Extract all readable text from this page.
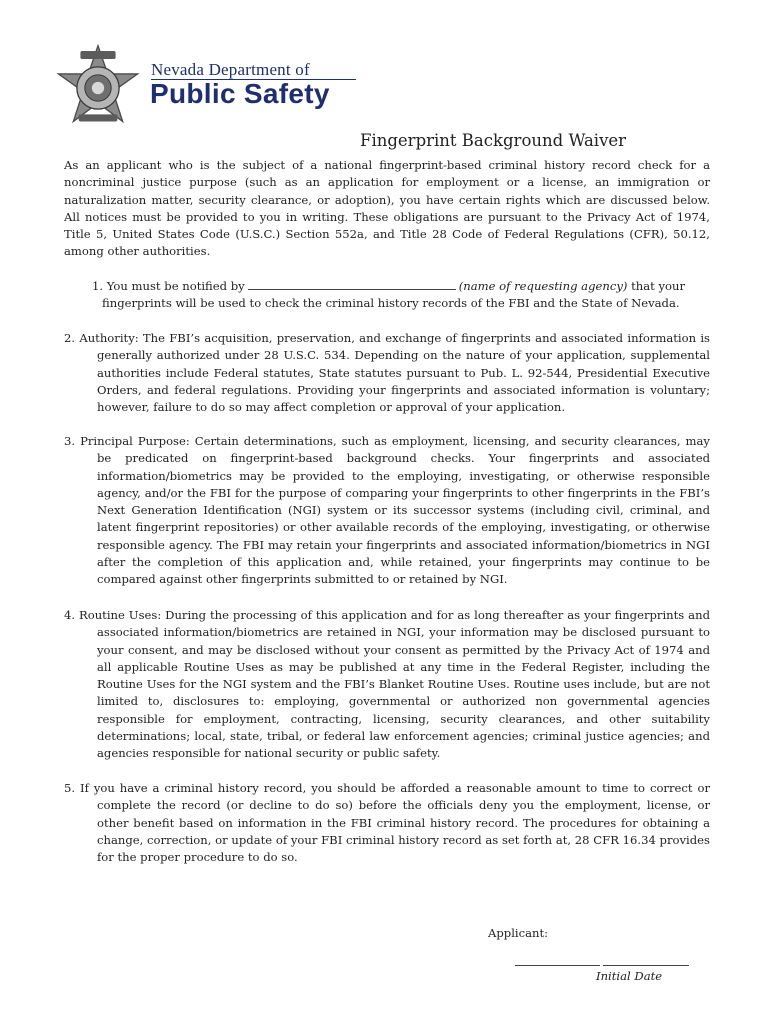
Nevada Department of
Public Safety
Fingerprint Background Waiver
As an applicant who is the subject of a national fingerprint-based criminal history record check for a noncriminal justice purpose (such as an application for employment or a license, an immigration or naturalization matter, security clearance, or adoption), you have certain rights which are discussed below. All notices must be provided to you in writing. These obligations are pursuant to the Privacy Act of 1974, Title 5, United States Code (U.S.C.) Section 552a, and Title 28 Code of Federal Regulations (CFR), 50.12, among other authorities.
1. You must be notified by	(name of requesting agency) that your
fingerprints will be used to check the criminal history records of the FBI and the State of Nevada.
2. Authority: The FBI’s acquisition, preservation, and exchange of fingerprints and associated information is generally authorized under 28 U.S.C. 534. Depending on the nature of your application, supplemental authorities include Federal statutes, State statutes pursuant to Pub. L. 92-544, Presidential Executive Orders, and federal regulations. Providing your fingerprints and associated information is voluntary; however, failure to do so may affect completion or approval of your application.
3. Principal Purpose: Certain determinations, such as employment, licensing, and security clearances, may be predicated on fingerprint-based background checks. Your fingerprints and associated information/biometrics may be provided to the employing, investigating, or otherwise responsible agency, and/or the FBI for the purpose of comparing your fingerprints to other fingerprints in the FBI’s Next Generation Identification (NGI) system or its successor systems (including civil, criminal, and latent fingerprint repositories) or other available records of the employing, investigating, or otherwise responsible agency. The FBI may retain your fingerprints and associated information/biometrics in NGI after the completion of this application and, while retained, your fingerprints may continue to be compared against other fingerprints submitted to or retained by NGI.
4. Routine Uses: During the processing of this application and for as long thereafter as your fingerprints and associated information/biometrics are retained in NGI, your information may be disclosed pursuant to your consent, and may be disclosed without your consent as permitted by the Privacy Act of 1974 and all applicable Routine Uses as may be published at any time in the Federal Register, including the Routine Uses for the NGI system and the FBI’s Blanket Routine Uses. Routine uses include, but are not limited to, disclosures to: employing, governmental or authorized non governmental agencies responsible for employment, contracting, licensing, security clearances, and other suitability determinations; local, state, tribal, or federal law enforcement agencies; criminal justice agencies; and agencies responsible for national security or public safety.
5. If you have a criminal history record, you should be afforded a reasonable amount to time to correct or complete the record (or decline to do so) before the officials deny you the employment, license, or other benefit based on information in the FBI criminal history record. The procedures for obtaining a change, correction, or update of your FBI criminal history record as set forth at, 28 CFR 16.34 provides for the proper procedure to do so.
Applicant:
Initial Date
